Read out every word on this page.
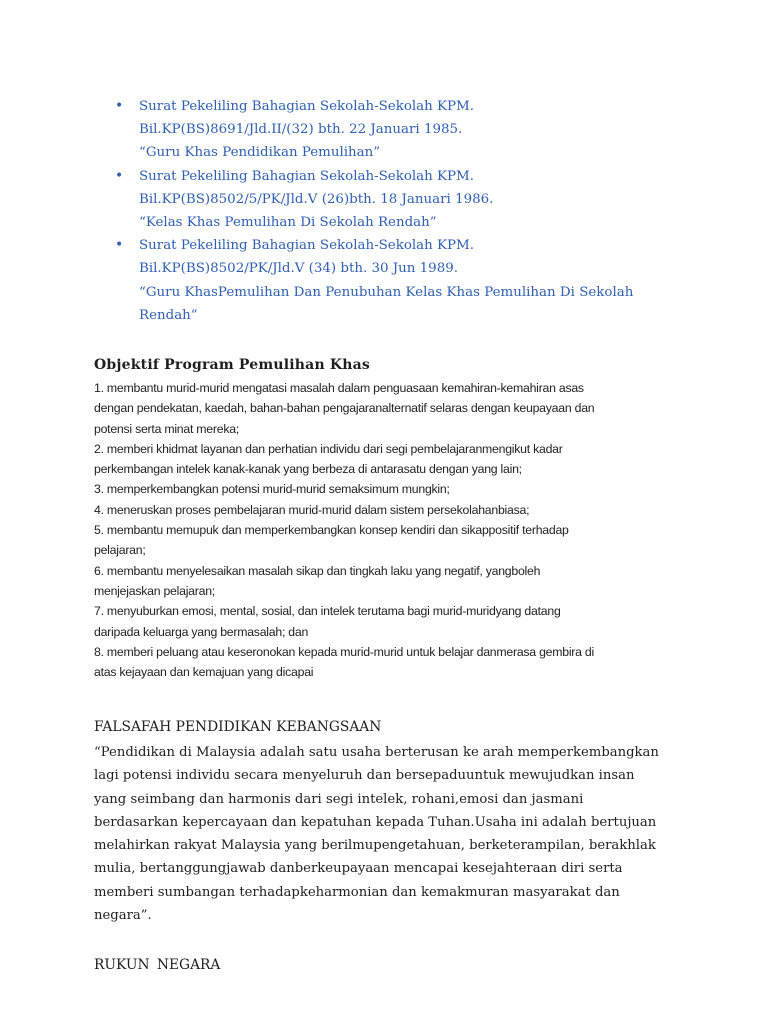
• Surat Pekeliling Bahagian Sekolah-Sekolah KPM.
Bil.KP(BS)8691/Jld.II/(32) bth. 22 Januari 1985.
“Guru Khas Pendidikan Pemulihan”
• Surat Pekeliling Bahagian Sekolah-Sekolah KPM.
Bil.KP(BS)8502/5/PK/Jld.V (26)bth. 18 Januari 1986.
“Kelas Khas Pemulihan Di Sekolah Rendah”
• Surat Pekeliling Bahagian Sekolah-Sekolah KPM.
Bil.KP(BS)8502/PK/Jld.V (34) bth. 30 Jun 1989.
“Guru KhasPemulihan Dan Penubuhan Kelas Khas Pemulihan Di Sekolah
Rendah”
Objektif Program Pemulihan Khas
1. membantu murid-murid mengatasi masalah dalam penguasaan kemahiran-kemahiran asas
dengan pendekatan, kaedah, bahan-bahan pengajaranalternatif selaras dengan keupayaan dan
potensi serta minat mereka;
2. memberi khidmat layanan dan perhatian individu dari segi pembelajaranmengikut kadar
perkembangan intelek kanak-kanak yang berbeza di antarasatu dengan yang lain;
3. memperkembangkan potensi murid-murid semaksimum mungkin;
4. meneruskan proses pembelajaran murid-murid dalam sistem persekolahanbiasa;
5. membantu memupuk dan memperkembangkan konsep kendiri dan sikappositif terhadap
pelajaran;
6. membantu menyelesaikan masalah sikap dan tingkah laku yang negatif, yangboleh
menjejaskan pelajaran;
7. menyuburkan emosi, mental, sosial, dan intelek terutama bagi murid-muridyang datang
daripada keluarga yang bermasalah; dan
8. memberi peluang atau keseronokan kepada murid-murid untuk belajar danmerasa gembira di
atas kejayaan dan kemajuan yang dicapai
FALSAFAH PENDIDIKAN KEBANGSAAN

“Pendidikan di Malaysia adalah satu usaha berterusan ke arah memperkembangkan
lagi potensi individu secara menyeluruh dan bersepaduuntuk mewujudkan insan
yang seimbang dan harmonis dari segi intelek, rohani,emosi dan jasmani
berdasarkan kepercayaan dan kepatuhan kepada Tuhan.Usaha ini adalah bertujuan
melahirkan rakyat Malaysia yang berilmupengetahuan, berketerampilan, berakhlak
mulia, bertanggungjawab danberkeupayaan mencapai kesejahteraan diri serta
memberi sumbangan terhadapkeharmonian dan kemakmuran masyarakat dan
negara”.

RUKUN NEGARA
